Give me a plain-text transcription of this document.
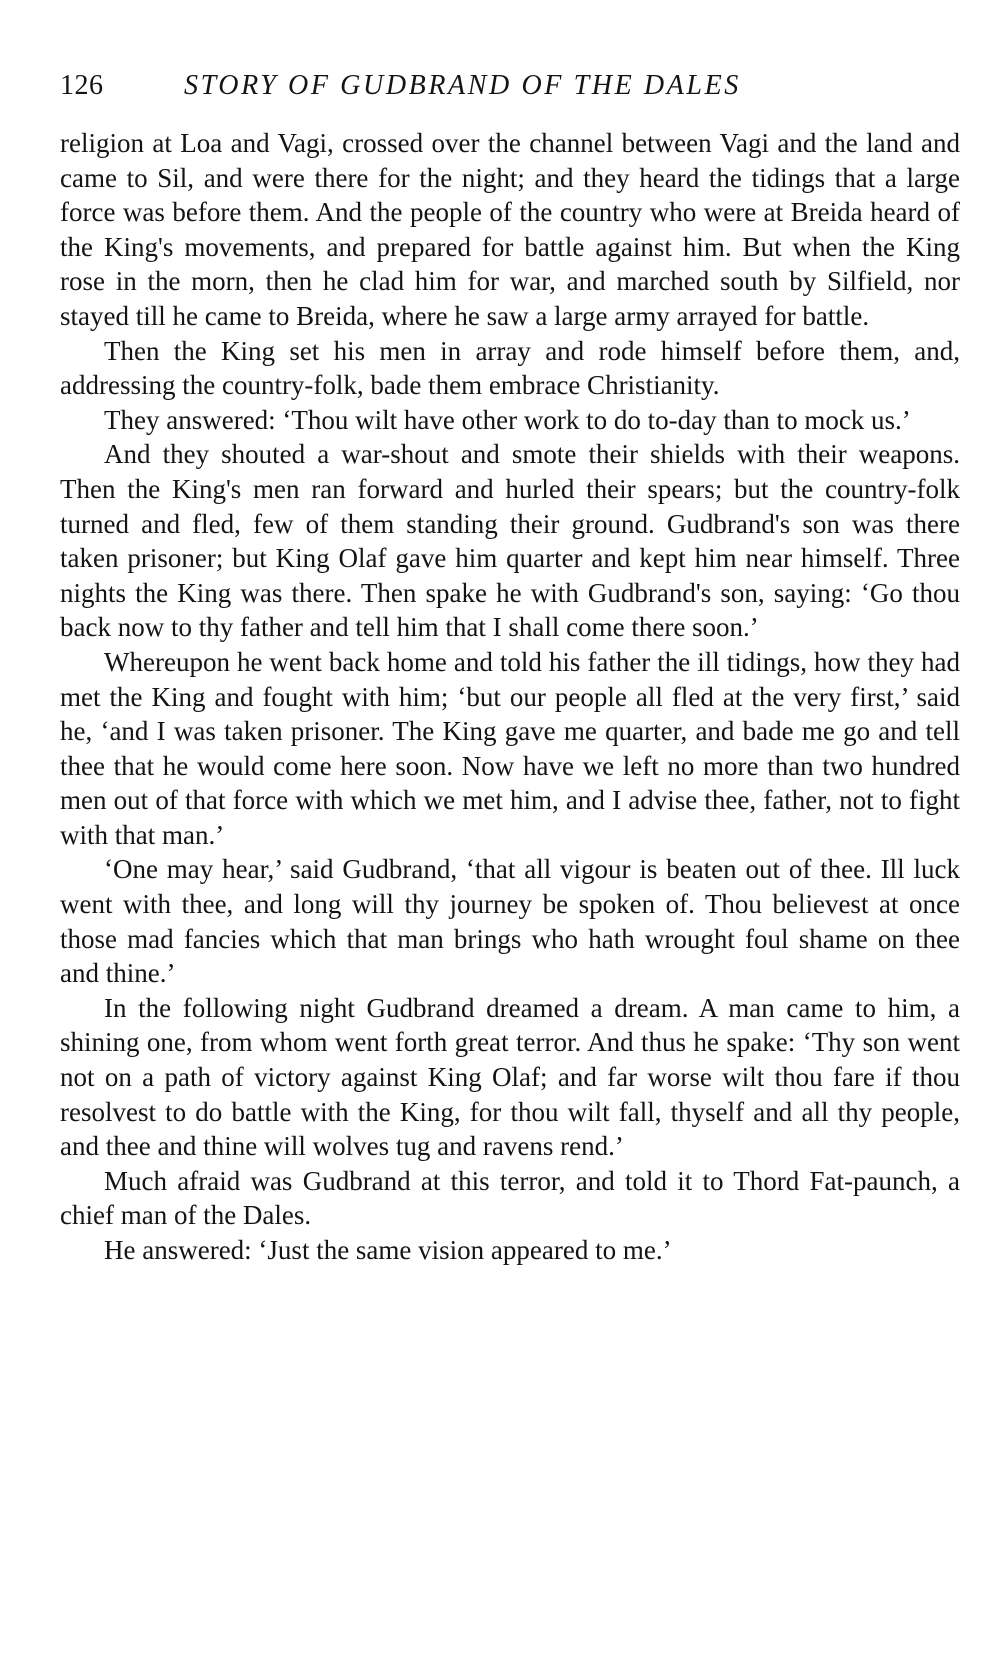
126	STORY OF GUDBRAND OF THE DALES

religion at Loa and Vagi, crossed over the channel between Vagi and the land and came to Sil, and were there for the night; and they heard the tidings that a large force was before them. And the people of the country who were at Breida heard of the King's movements, and prepared for battle against him. But when the King rose in the morn, then he clad him for war, and marched south by Silfield, nor stayed till he came to Breida, where he saw a large army arrayed for battle.

Then the King set his men in array and rode himself before them, and, addressing the country-folk, bade them embrace Christianity.

They answered: ‘Thou wilt have other work to do to-day than to mock us.’

And they shouted a war-shout and smote their shields with their weapons. Then the King's men ran forward and hurled their spears; but the country-folk turned and fled, few of them standing their ground. Gudbrand's son was there taken prisoner; but King Olaf gave him quarter and kept him near himself. Three nights the King was there. Then spake he with Gudbrand's son, saying: ‘Go thou back now to thy father and tell him that I shall come there soon.’

Whereupon he went back home and told his father the ill tidings, how they had met the King and fought with him; ‘but our people all fled at the very first,’ said he, ‘and I was taken prisoner. The King gave me quarter, and bade me go and tell thee that he would come here soon. Now have we left no more than two hundred men out of that force with which we met him, and I advise thee, father, not to fight with that man.’

‘One may hear,’ said Gudbrand, ‘that all vigour is beaten out of thee. Ill luck went with thee, and long will thy journey be spoken of. Thou believest at once those mad fancies which that man brings who hath wrought foul shame on thee and thine.’

In the following night Gudbrand dreamed a dream. A man came to him, a shining one, from whom went forth great terror. And thus he spake: ‘Thy son went not on a path of victory against King Olaf; and far worse wilt thou fare if thou resolvest to do battle with the King, for thou wilt fall, thyself and all thy people, and thee and thine will wolves tug and ravens rend.’

Much afraid was Gudbrand at this terror, and told it to Thord Fat-paunch, a chief man of the Dales.

He answered: ‘Just the same vision appeared to me.’
